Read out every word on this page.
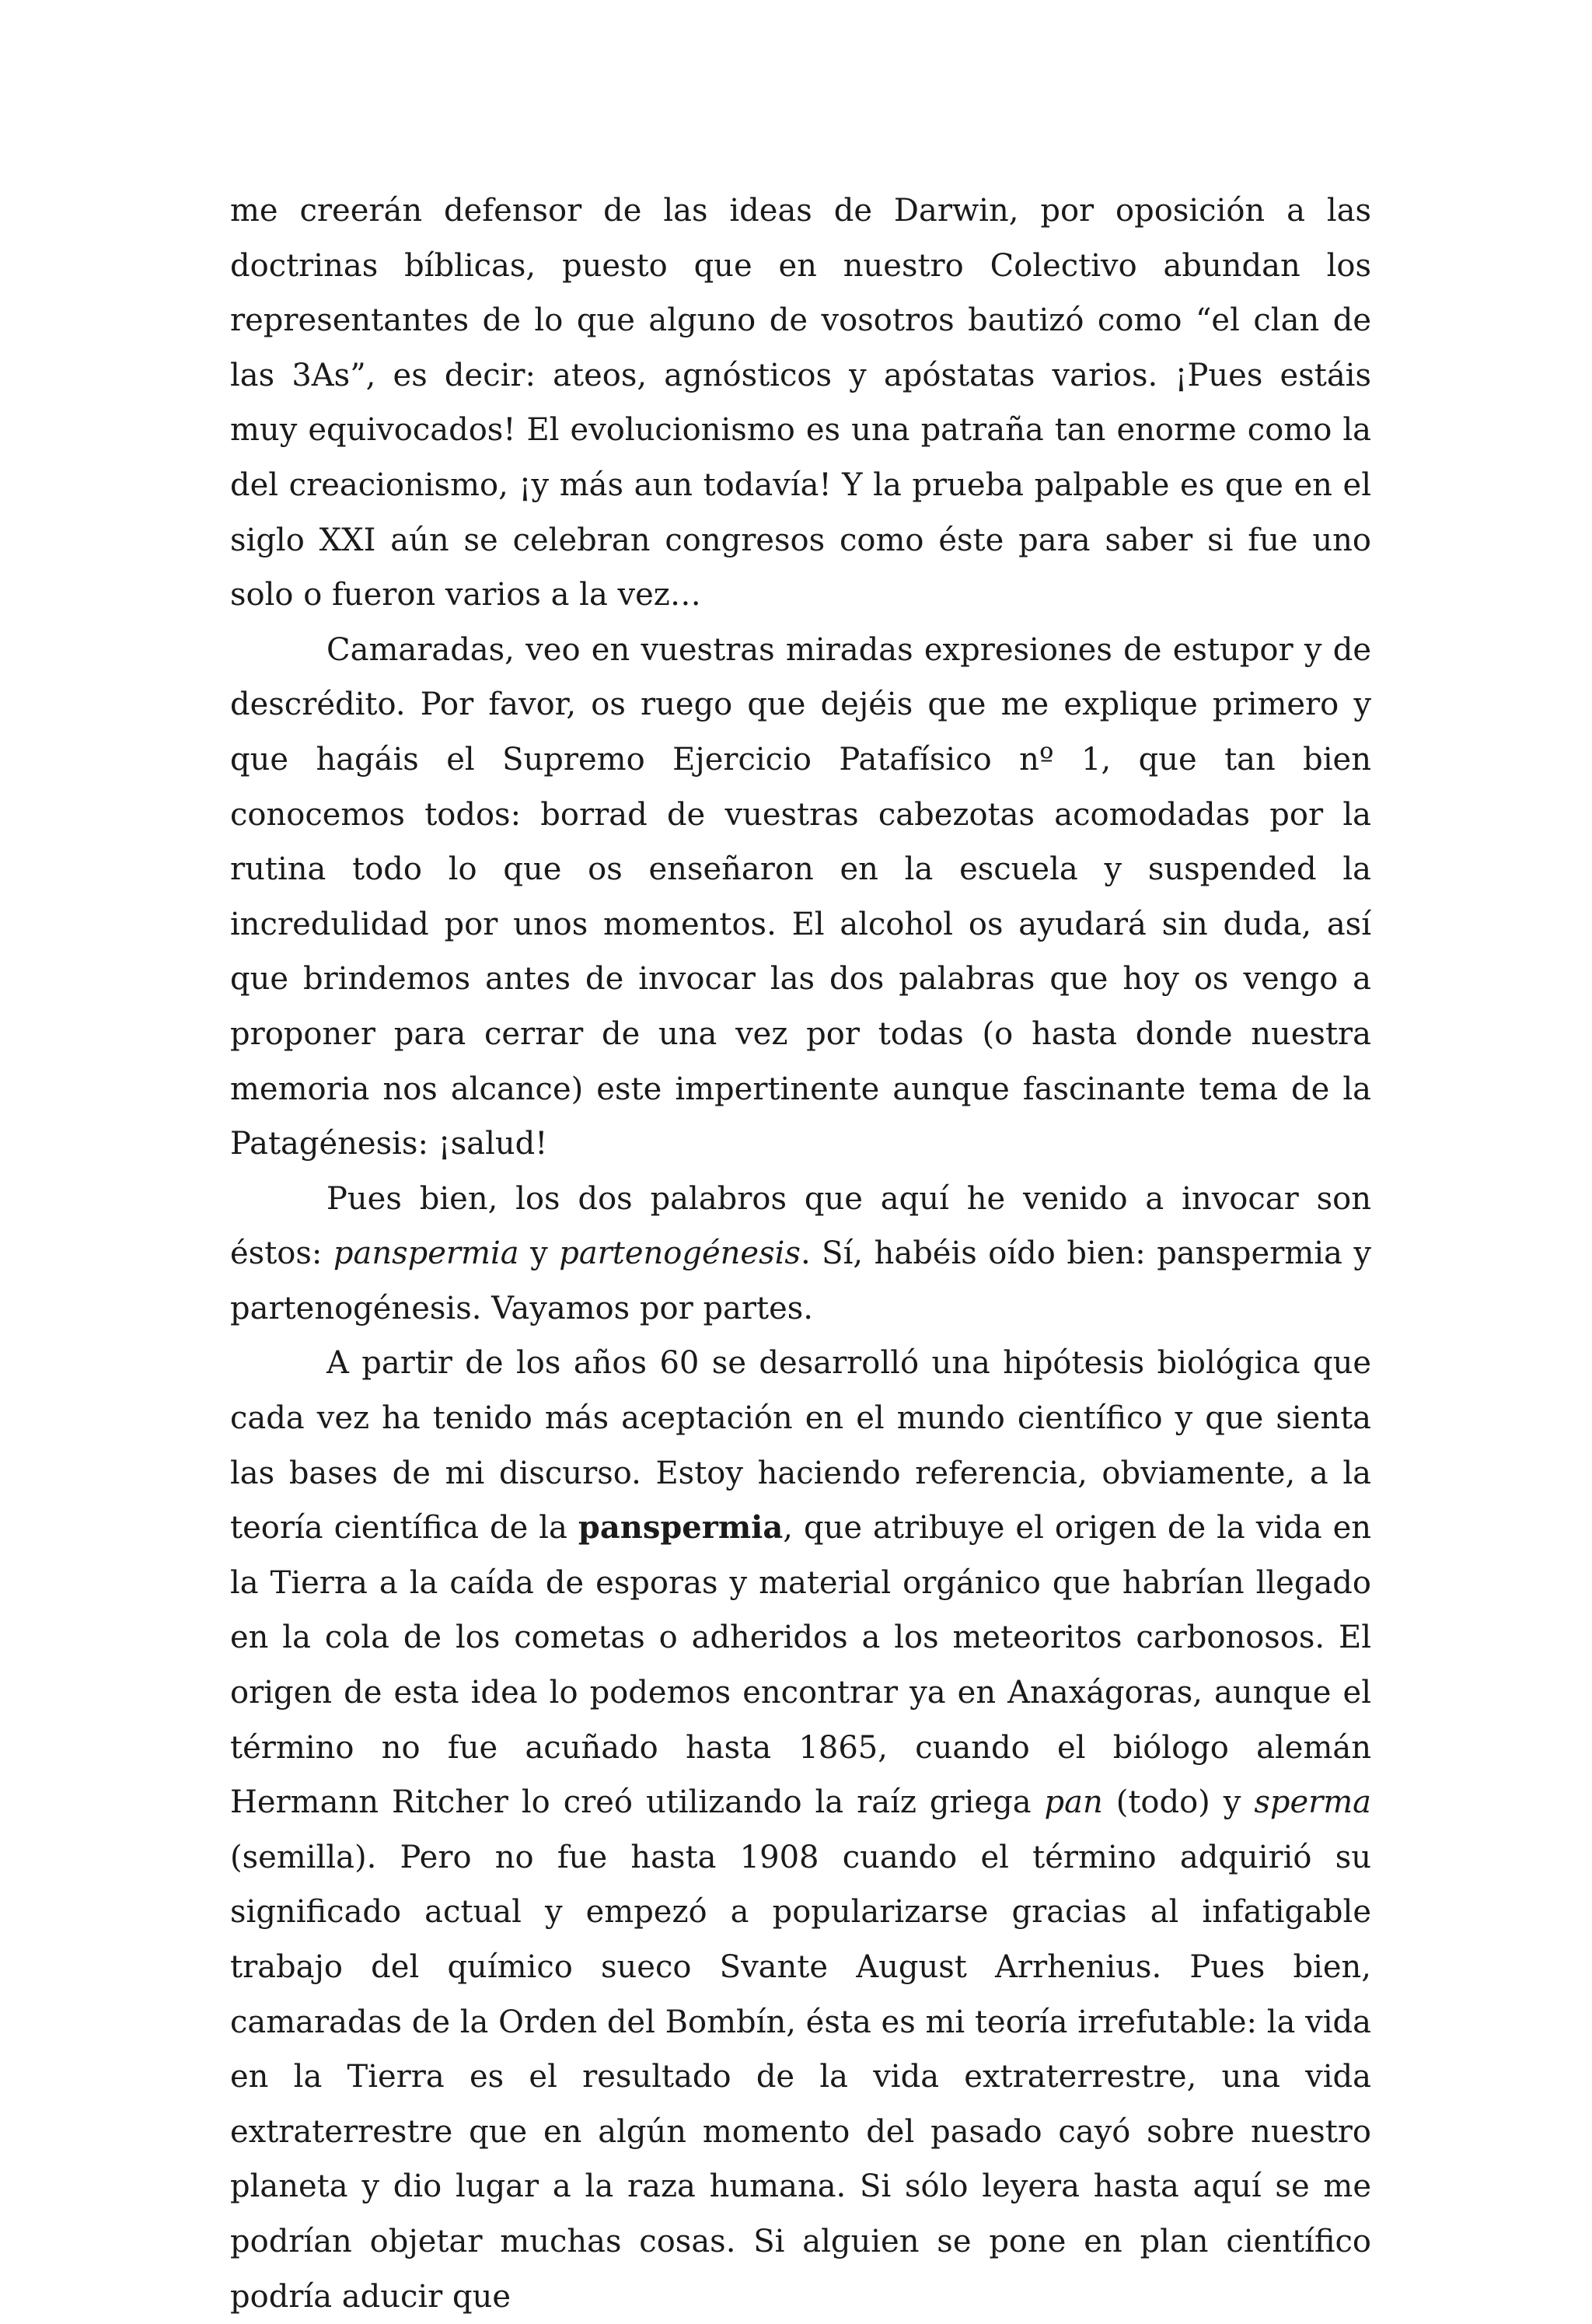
me creerán defensor de las ideas de Darwin, por oposición a las doctrinas bíblicas, puesto que en nuestro Colectivo abundan los representantes de lo que alguno de vosotros bautizó como “el clan de las 3As”, es decir: ateos, agnósticos y apóstatas varios. ¡Pues estáis muy equivocados! El evolucionismo es una patraña tan enorme como la del creacionismo, ¡y más aun todavía! Y la prueba palpable es que en el siglo XXI aún se celebran congresos como éste para saber si fue uno solo o fueron varios a la vez…

Camaradas, veo en vuestras miradas expresiones de estupor y de descrédito. Por favor, os ruego que dejéis que me explique primero y que hagáis el Supremo Ejercicio Patafísico nº 1, que tan bien conocemos todos: borrad de vuestras cabezotas acomodadas por la rutina todo lo que os enseñaron en la escuela y suspended la incredulidad por unos momentos. El alcohol os ayudará sin duda, así que brindemos antes de invocar las dos palabras que hoy os vengo a proponer para cerrar de una vez por todas (o hasta donde nuestra memoria nos alcance) este impertinente aunque fascinante tema de la Patagénesis: ¡salud!

Pues bien, los dos palabros que aquí he venido a invocar son éstos: panspermia y partenogénesis. Sí, habéis oído bien: panspermia y partenogénesis. Vayamos por partes.

A partir de los años 60 se desarrolló una hipótesis biológica que cada vez ha tenido más aceptación en el mundo científico y que sienta las bases de mi discurso. Estoy haciendo referencia, obviamente, a la teoría científica de la panspermia, que atribuye el origen de la vida en la Tierra a la caída de esporas y material orgánico que habrían llegado en la cola de los cometas o adheridos a los meteoritos carbonosos. El origen de esta idea lo podemos encontrar ya en Anaxágoras, aunque el término no fue acuñado hasta 1865, cuando el biólogo alemán Hermann Ritcher lo creó utilizando la raíz griega pan (todo) y sperma (semilla). Pero no fue hasta 1908 cuando el término adquirió su significado actual y empezó a popularizarse gracias al infatigable trabajo del químico sueco Svante August Arrhenius. Pues bien, camaradas de la Orden del Bombín, ésta es mi teoría irrefutable: la vida en la Tierra es el resultado de la vida extraterrestre, una vida extraterrestre que en algún momento del pasado cayó sobre nuestro planeta y dio lugar a la raza humana. Si sólo leyera hasta aquí se me podrían objetar muchas cosas. Si alguien se pone en plan científico podría aducir que
